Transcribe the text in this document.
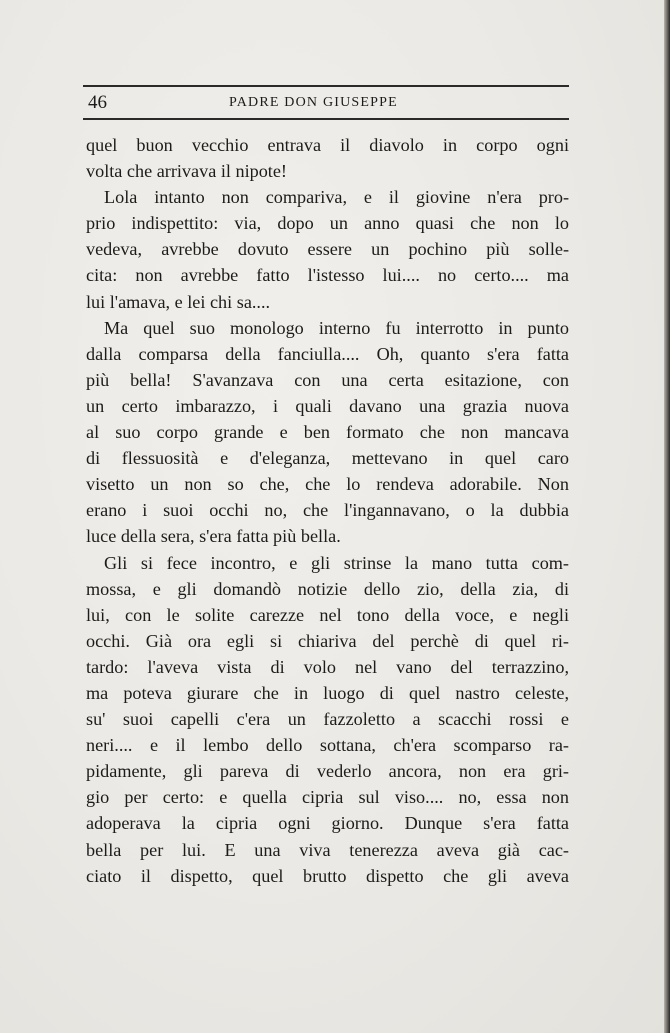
46	PADRE DON GIUSEPPE
quel buon vecchio entrava il diavolo in corpo ogni
volta che arrivava il nipote!
Lola intanto non compariva, e il giovine n'era pro-
prio indispettito: via, dopo un anno quasi che non lo
vedeva, avrebbe dovuto essere un pochino più solle-
cita: non avrebbe fatto l'istesso lui.... no certo.... ma
lui l'amava, e lei chi sa....
Ma quel suo monologo interno fu interrotto in punto
dalla comparsa della fanciulla.... Oh, quanto s'era fatta
più bella! S'avanzava con una certa esitazione, con
un certo imbarazzo, i quali davano una grazia nuova
al suo corpo grande e ben formato che non mancava
di flessuosità e d'eleganza, mettevano in quel caro
visetto un non so che, che lo rendeva adorabile. Non
erano i suoi occhi no, che l'ingannavano, o la dubbia
luce della sera, s'era fatta più bella.
Gli si fece incontro, e gli strinse la mano tutta com-
mossa, e gli domandò notizie dello zio, della zia, di
lui, con le solite carezze nel tono della voce, e negli
occhi. Già ora egli si chiariva del perchè di quel ri-
tardo: l'aveva vista di volo nel vano del terrazzino,
ma poteva giurare che in luogo di quel nastro celeste,
su' suoi capelli c'era un fazzoletto a scacchi rossi e
neri.... e il lembo dello sottana, ch'era scomparso ra-
pidamente, gli pareva di vederlo ancora, non era gri-
gio per certo: e quella cipria sul viso.... no, essa non
adoperava la cipria ogni giorno. Dunque s'era fatta
bella per lui. E una viva tenerezza aveva già cac-
ciato il dispetto, quel brutto dispetto che gli aveva
